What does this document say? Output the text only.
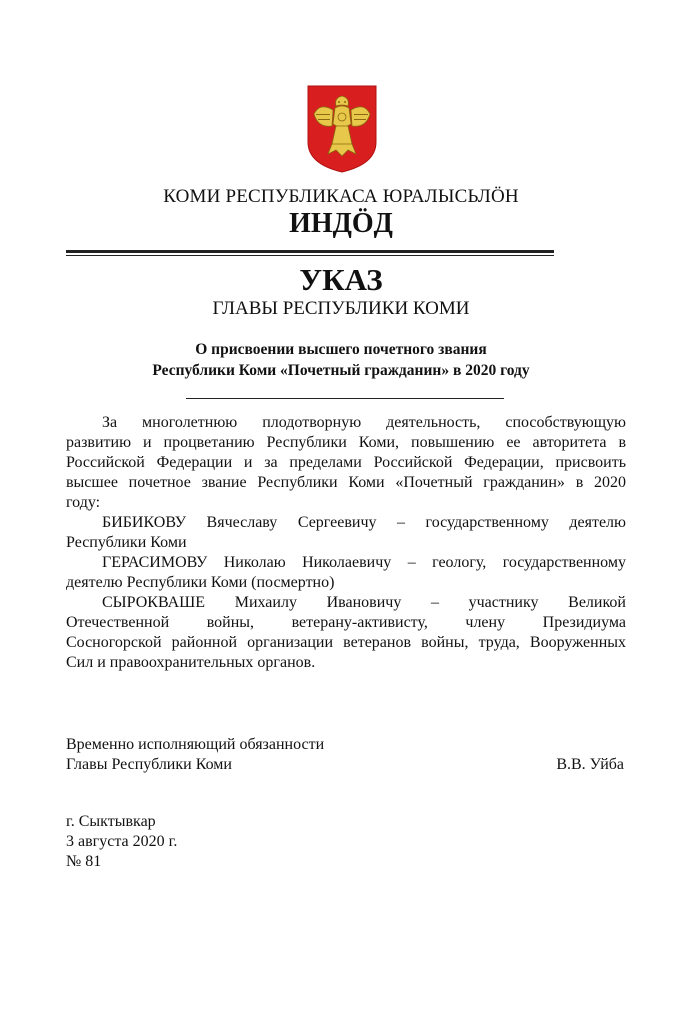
КОМИ РЕСПУБЛИКАСА ЮРАЛЫСЬЛӦН
ИНДӦД
УКАЗ
ГЛАВЫ РЕСПУБЛИКИ КОМИ
О присвоении высшего почетного звания
Республики Коми «Почетный гражданин» в 2020 году
За многолетнюю плодотворную деятельность, способствующую
развитию и процветанию Республики Коми, повышению ее авторитета в
Российской Федерации и за пределами Российской Федерации, присвоить
высшее почетное звание Республики Коми «Почетный гражданин» в 2020
году:
БИБИКОВУ Вячеславу Сергеевичу – государственному деятелю
Республики Коми
ГЕРАСИМОВУ Николаю Николаевичу – геологу, государственному
деятелю Республики Коми (посмертно)
СЫРОКВАШЕ Михаилу Ивановичу – участнику Великой
Отечественной войны, ветерану-активисту, члену Президиума
Сосногорской районной организации ветеранов войны, труда, Вооруженных
Сил и правоохранительных органов.
Временно исполняющий обязанности
Главы Республики Коми	В.В. Уйба
г. Сыктывкар
3 августа 2020 г.
№ 81
